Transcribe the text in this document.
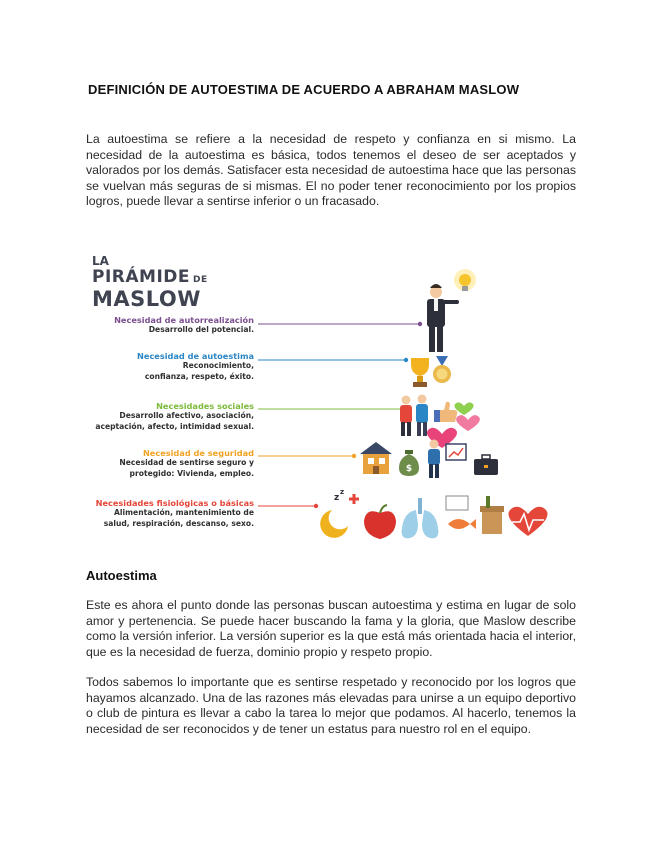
DEFINICIÓN DE AUTOESTIMA DE ACUERDO A ABRAHAM MASLOW

La autoestima se refiere a la necesidad de respeto y confianza en si mismo. La necesidad de la autoestima es básica, todos tenemos el deseo de ser aceptados y valorados por los demás. Satisfacer esta necesidad de autoestima hace que las personas se vuelvan más seguras de si mismas. El no poder tener reconocimiento por los propios logros, puede llevar a sentirse inferior o un fracasado.

LA
PIRÁMIDE DE
MASLOW
Necesidad de autorrealización
Desarrollo del potencial.
Necesidad de autoestima
Reconocimiento, confianza, respeto, éxito.
Necesidades sociales
Desarrollo afectivo, asociación, aceptación, afecto, intimidad sexual.
Necesidad de seguridad
Necesidad de sentirse seguro y protegido: Vivienda, empleo.
Necesidades fisiológicas o básicas
Alimentación, mantenimiento de salud, respiración, descanso, sexo.
$
z
z
Autoestima

Este es ahora el punto donde las personas buscan autoestima y estima en lugar de solo amor y pertenencia. Se puede hacer buscando la fama y la gloria, que Maslow describe como la versión inferior. La versión superior es la que está más orientada hacia el interior, que es la necesidad de fuerza, dominio propio y respeto propio.

Todos sabemos lo importante que es sentirse respetado y reconocido por los logros que hayamos alcanzado. Una de las razones más elevadas para unirse a un equipo deportivo o club de pintura es llevar a cabo la tarea lo mejor que podamos. Al hacerlo, tenemos la necesidad de ser reconocidos y de tener un estatus para nuestro rol en el equipo.
